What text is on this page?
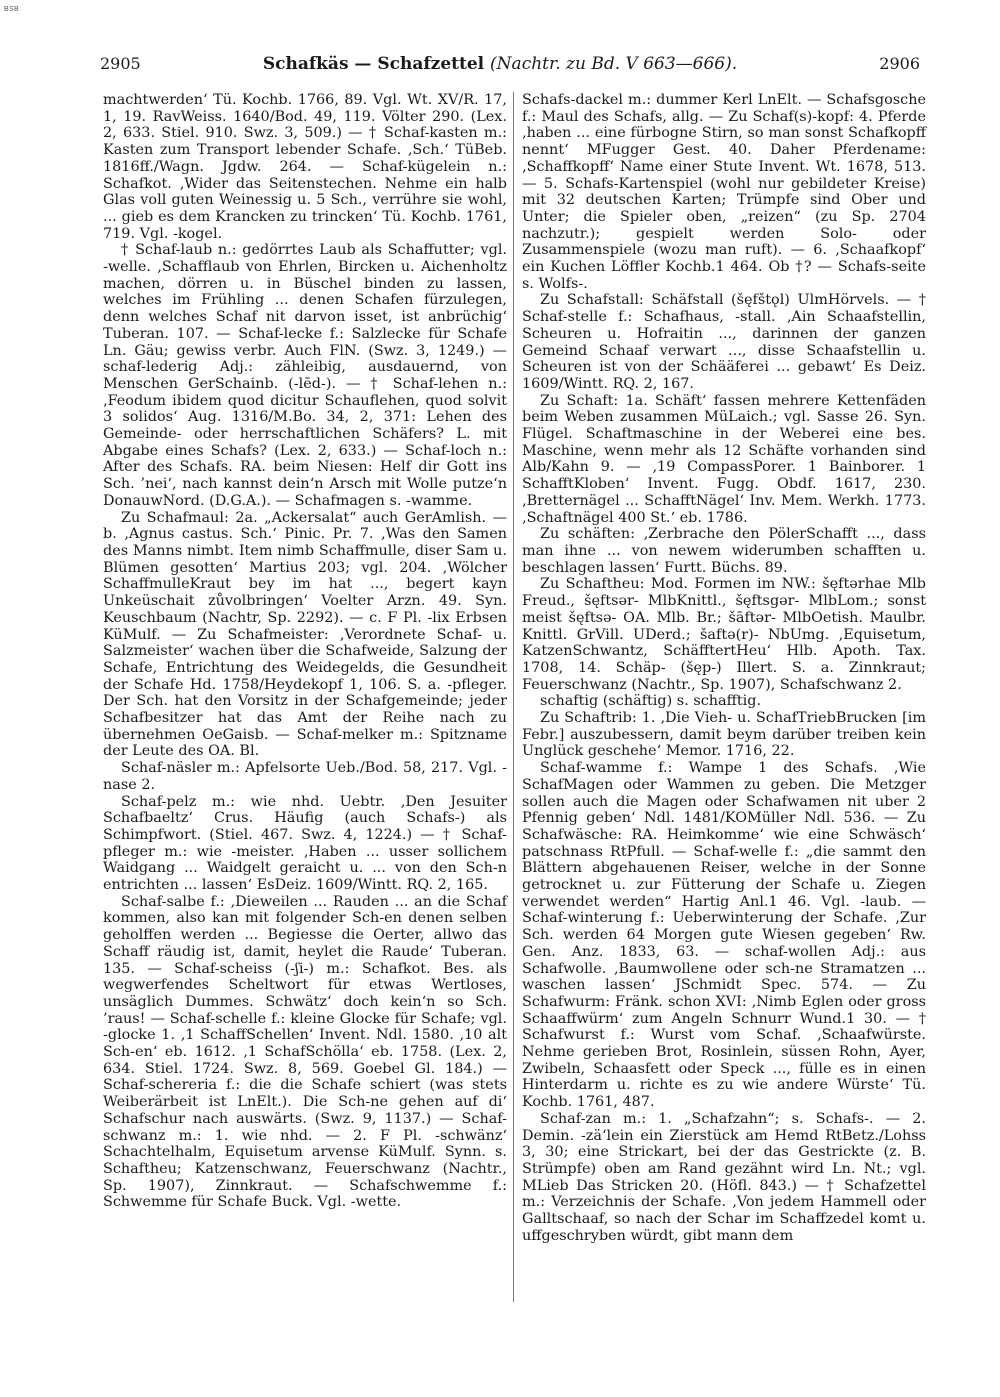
BSB
2905	Schafkäs — Schafzettel (Nachtr. zu Bd. V 663—666).	2906

machtwerden‘ Tü. Kochb. 1766, 89. Vgl. Wt. XV/R. 17, 1, 19. RavWeiss. 1640/Bod. 49, 119. Völter 290. (Lex. 2, 633. Stiel. 910. Swz. 3, 509.) — † Schaf-kasten m.: Kasten zum Transport lebender Schafe. ‚Sch.‘ TüBeb. 1816ff./Wagn. Jgdw. 264. — Schaf-kügelein n.: Schafkot. ‚Wider das Seitenstechen. Nehme ein halb Glas voll guten Weinessig u. 5 Sch., verrühre sie wohl, ... gieb es dem Krancken zu trincken‘ Tü. Kochb. 1761, 719. Vgl. -kogel.

† Schaf-laub n.: gedörrtes Laub als Schaffutter; vgl. -welle. ‚Schafflaub von Ehrlen, Bircken u. Aichenholtz machen, dörren u. in Büschel binden zu lassen, welches im Frühling ... denen Schafen fürzulegen, denn welches Schaf nit darvon isset, ist anbrüchig‘ Tuberan. 107. — Schaf-lecke f.: Salzlecke für Schafe Ln. Gäu; gewiss verbr. Auch FlN. (Swz. 3, 1249.) — schaf-lederig Adj.: zähleibig, ausdauernd, von Menschen GerSchainb. (-lēd-). — † Schaf-lehen n.: ‚Feodum ibidem quod dicitur Schauflehen, quod solvit 3 solidos‘ Aug. 1316/M.Bo. 34, 2, 371: Lehen des Gemeinde- oder herrschaftlichen Schäfers? L. mit Abgabe eines Schafs? (Lex. 2, 633.) — Schaf-loch n.: After des Schafs. RA. beim Niesen: Helf dir Gott ins Sch. ’nei‘, nach kannst dein‘n Arsch mit Wolle putze‘n DonauwNord. (D.G.A.). — Schafmagen s. -wamme.

Zu Schafmaul: 2a. „Ackersalat“ auch GerAmlish. — b. ‚Agnus castus. Sch.‘ Pinic. Pr. 7. ‚Was den Samen des Manns nimbt. Item nimb Schaffmulle, diser Sam u. Blümen gesotten‘ Martius 203; vgl. 204. ‚Wölcher SchaffmulleKraut bey im hat ..., begert kayn Unkeüschait zůvolbringen‘ Voelter Arzn. 49. Syn. Keuschbaum (Nachtr, Sp. 2292). — c. F Pl. -lix Erbsen KüMulf. — Zu Schafmeister: ‚Verordnete Schaf- u. Salzmeister‘ wachen über die Schafweide, Salzung der Schafe, Entrichtung des Weidegelds, die Gesundheit der Schafe Hd. 1758/Heydekopf 1, 106. S. a. -pfleger. Der Sch. hat den Vorsitz in der Schafgemeinde; jeder Schafbesitzer hat das Amt der Reihe nach zu übernehmen OeGaisb. — Schaf-melker m.: Spitzname der Leute des OA. Bl.

Schaf-näsler m.: Apfelsorte Ueb./Bod. 58, 217. Vgl. -nase 2.

Schaf-pelz m.: wie nhd. Uebtr. ‚Den Jesuiter Schafbaeltz‘ Crus. Häufig (auch Schafs-) als Schimpfwort. (Stiel. 467. Swz. 4, 1224.) — † Schaf-pfleger m.: wie -meister. ‚Haben ... usser sollichem Waidgang ... Waidgelt geraicht u. ... von den Sch-n entrichten ... lassen‘ EsDeiz. 1609/Wintt. RQ. 2, 165.

Schaf-salbe f.: ‚Dieweilen ... Rauden ... an die Schaf kommen, also kan mit folgender Sch-en denen selben geholffen werden ... Begiesse die Oerter, allwo das Schaff räudig ist, damit, heylet die Raude‘ Tuberan. 135. — Schaf-scheiss (-ʃi-) m.: Schafkot. Bes. als wegwerfendes Scheltwort für etwas Wertloses, unsäglich Dummes. Schwätz‘ doch kein‘n so Sch. ’raus! — Schaf-schelle f.: kleine Glocke für Schafe; vgl. -glocke 1. ‚1 SchaffSchellen‘ Invent. Ndl. 1580. ‚10 alt Sch-en‘ eb. 1612. ‚1 SchafSchölla‘ eb. 1758. (Lex. 2, 634. Stiel. 1724. Swz. 8, 569. Goebel Gl. 184.) — Schaf-schereria f.: die die Schafe schiert (was stets Weiberärbeit ist LnElt.). Die Sch-ne gehen auf di‘ Schafschur nach auswärts. (Swz. 9, 1137.) — Schaf-schwanz m.: 1. wie nhd. — 2. F Pl. -schwänz‘ Schachtelhalm, Equisetum arvense KüMulf. Synn. s. Schaftheu; Katzenschwanz, Feuerschwanz (Nachtr., Sp. 1907), Zinnkraut. — Schafschwemme f.: Schwemme für Schafe Buck. Vgl. -wette.

Schafs-dackel m.: dummer Kerl LnElt. — Schafsgosche f.: Maul des Schafs, allg. — Zu Schaf(s)-kopf: 4. Pferde ‚haben ... eine fürbogne Stirn, so man sonst Schafkopff nennt‘ MFugger Gest. 40. Daher Pferdename: ‚Schaffkopff‘ Name einer Stute Invent. Wt. 1678, 513. — 5. Schafs-Kartenspiel (wohl nur gebildeter Kreise) mit 32 deutschen Karten; Trümpfe sind Ober und Unter; die Spieler oben, „reizen“ (zu Sp. 2704 nachzutr.); gespielt werden Solo- oder Zusammenspiele (wozu man ruft). — 6. ‚Schaafkopf‘ ein Kuchen Löffler Kochb.1 464. Ob †? — Schafs-seite s. Wolfs-.

Zu Schafstall: Schäfstall (šęfštǫl) UlmHörvels. — † Schaf-stelle f.: Schafhaus, -stall. ‚Ain Schaafstellin, Scheuren u. Hofraitin ..., darinnen der ganzen Gemeind Schaaf verwart ..., disse Schaafstellin u. Scheuren ist von der Schääferei ... gebawt‘ Es Deiz. 1609/Wintt. RQ. 2, 167.

Zu Schaft: 1a. Schäft‘ fassen mehrere Kettenfäden beim Weben zusammen MüLaich.; vgl. Sasse 26. Syn. Flügel. Schaftmaschine in der Weberei eine bes. Maschine, wenn mehr als 12 Schäfte vorhanden sind Alb/Kahn 9. — ‚19 CompassPorer. 1 Bainborer. 1 SchafftKloben‘ Invent. Fugg. Obdf. 1617, 230. ‚Bretternägel ... SchafftNägel‘ Inv. Mem. Werkh. 1773. ‚Schaftnägel 400 St.‘ eb. 1786.

Zu schäften: ‚Zerbrache den PölerSchafft ..., dass man ihne ... von newem widerumben schafften u. beschlagen lassen‘ Furtt. Büchs. 89.

Zu Schaftheu: Mod. Formen im NW.: šęftərhae Mlb Freud., šęftsər- MlbKnittl., šęftsgər- MlbLom.; sonst meist šęftsə- OA. Mlb. Br.; šāftər- MlbOetish. Maulbr. Knittl. GrVill. UDerd.; šaftə(r)- NbUmg. ‚Equisetum, KatzenSchwantz, SchäfftertHeu‘ Hlb. Apoth. Tax. 1708, 14. Schäp- (šęp-) Illert. S. a. Zinnkraut; Feuerschwanz (Nachtr., Sp. 1907), Schafschwanz 2.

schaftig (schäftig) s. schafftig.

Zu Schaftrib: 1. ‚Die Vieh- u. SchafTriebBrucken [im Febr.] auszubessern, damit beym darüber treiben kein Unglück geschehe‘ Memor. 1716, 22.

Schaf-wamme f.: Wampe 1 des Schafs. ‚Wie SchafMagen oder Wammen zu geben. Die Metzger sollen auch die Magen oder Schafwamen nit uber 2 Pfennig geben‘ Ndl. 1481/KOMüller Ndl. 536. — Zu Schafwäsche: RA. Heimkomme‘ wie eine Schwäsch‘ patschnass RtPfull. — Schaf-welle f.: „die sammt den Blättern abgehauenen Reiser, welche in der Sonne getrocknet u. zur Fütterung der Schafe u. Ziegen verwendet werden“ Hartig Anl.1 46. Vgl. -laub. — Schaf-winterung f.: Ueberwinterung der Schafe. ‚Zur Sch. werden 64 Morgen gute Wiesen gegeben‘ Rw. Gen. Anz. 1833, 63. — schaf-wollen Adj.: aus Schafwolle. ‚Baumwollene oder sch-ne Stramatzen ... waschen lassen‘ JSchmidt Spec. 574. — Zu Schafwurm: Fränk. schon XVI: ‚Nimb Eglen oder gross Schaaffwürm‘ zum Angeln Schnurr Wund.1 30. — † Schafwurst f.: Wurst vom Schaf. ‚Schaafwürste. Nehme gerieben Brot, Rosinlein, süssen Rohn, Ayer, Zwibeln, Schaasfett oder Speck ..., fülle es in einen Hinterdarm u. richte es zu wie andere Würste‘ Tü. Kochb. 1761, 487.

Schaf-zan m.: 1. „Schafzahn“; s. Schafs-. — 2. Demin. -zä‘lein ein Zierstück am Hemd RtBetz./Lohss 3, 30; eine Strickart, bei der das Gestrickte (z. B. Strümpfe) oben am Rand gezähnt wird Ln. Nt.; vgl. MLieb Das Stricken 20. (Höfl. 843.) — † Schafzettel m.: Verzeichnis der Schafe. ‚Von jedem Hammell oder Galltschaaf, so nach der Schar im Schaffzedel komt u. uffgeschryben würdt, gibt mann dem
